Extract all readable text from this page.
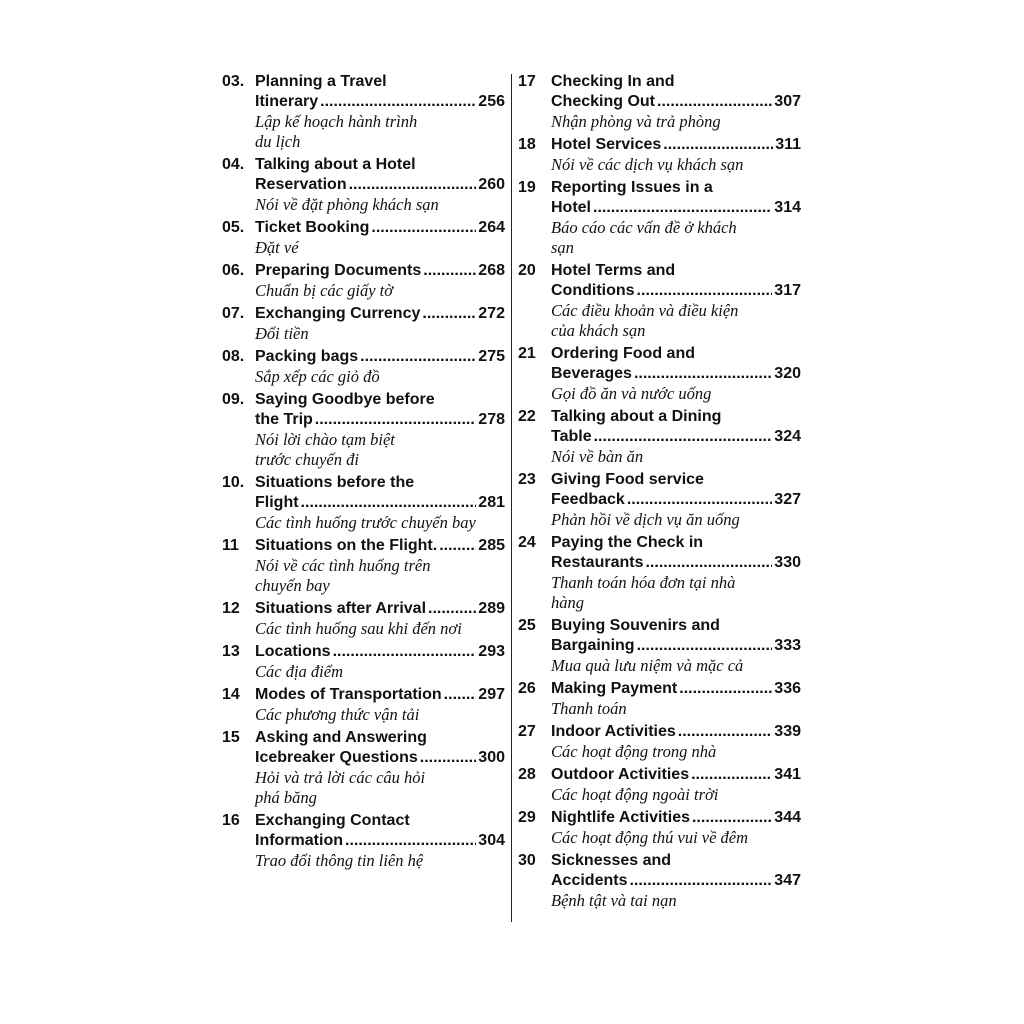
03. Planning a Travel
Itinerary .....	256
Lập kế hoạch hành trình
du lịch
04. Talking about a Hotel
Reservation .....	260
Nói về đặt phòng khách sạn
05. Ticket Booking .....	264
Đặt vé
06. Preparing Documents .....	268
Chuẩn bị các giấy tờ
07. Exchanging Currency .....	272
Đổi tiền
08. Packing bags .....	275
Sắp xếp các giỏ đồ
09. Saying Goodbye before
the Trip .....	278
Nói lời chào tạm biệt
trước chuyến đi
10. Situations before the
Flight .....	281
Các tình huống trước chuyến bay
11 Situations on the Flight. .....	285
Nói về các tình huống trên
chuyến bay
12 Situations after Arrival .....	289
Các tình huống sau khi đến nơi
13 Locations .....	293
Các địa điểm
14 Modes of Transportation ..... 297
Các phương thức vận tải
15 Asking and Answering
Icebreaker Questions .....	300
Hỏi và trả lời các câu hỏi
phá băng
16 Exchanging Contact
Information .....	304
Trao đổi thông tin liên hệ
17 Checking In and
Checking Out .....	307
Nhận phòng và trả phòng
18 Hotel Services .....	311
Nói về các dịch vụ khách sạn
19 Reporting Issues in a
Hotel .....	314
Báo cáo các vấn đề ở khách
sạn
20 Hotel Terms and
Conditions .....	317
Các điều khoản và điều kiện
của khách sạn
21 Ordering Food and
Beverages .....	320
Gọi đồ ăn và nước uống
22 Talking about a Dining
Table .....	324
Nói về bàn ăn
23 Giving Food service
Feedback .....	327
Phản hồi về dịch vụ ăn uống
24 Paying the Check in
Restaurants .....	330
Thanh toán hóa đơn tại nhà
hàng
25 Buying Souvenirs and
Bargaining .....	333
Mua quà lưu niệm và mặc cả
26 Making Payment .....	336
Thanh toán
27 Indoor Activities .....	339
Các hoạt động trong nhà
28 Outdoor Activities .....	341
Các hoạt động ngoài trời
29 Nightlife Activities .....	344
Các hoạt động thú vui về đêm
30 Sicknesses and
Accidents .....	347
Bệnh tật và tai nạn
